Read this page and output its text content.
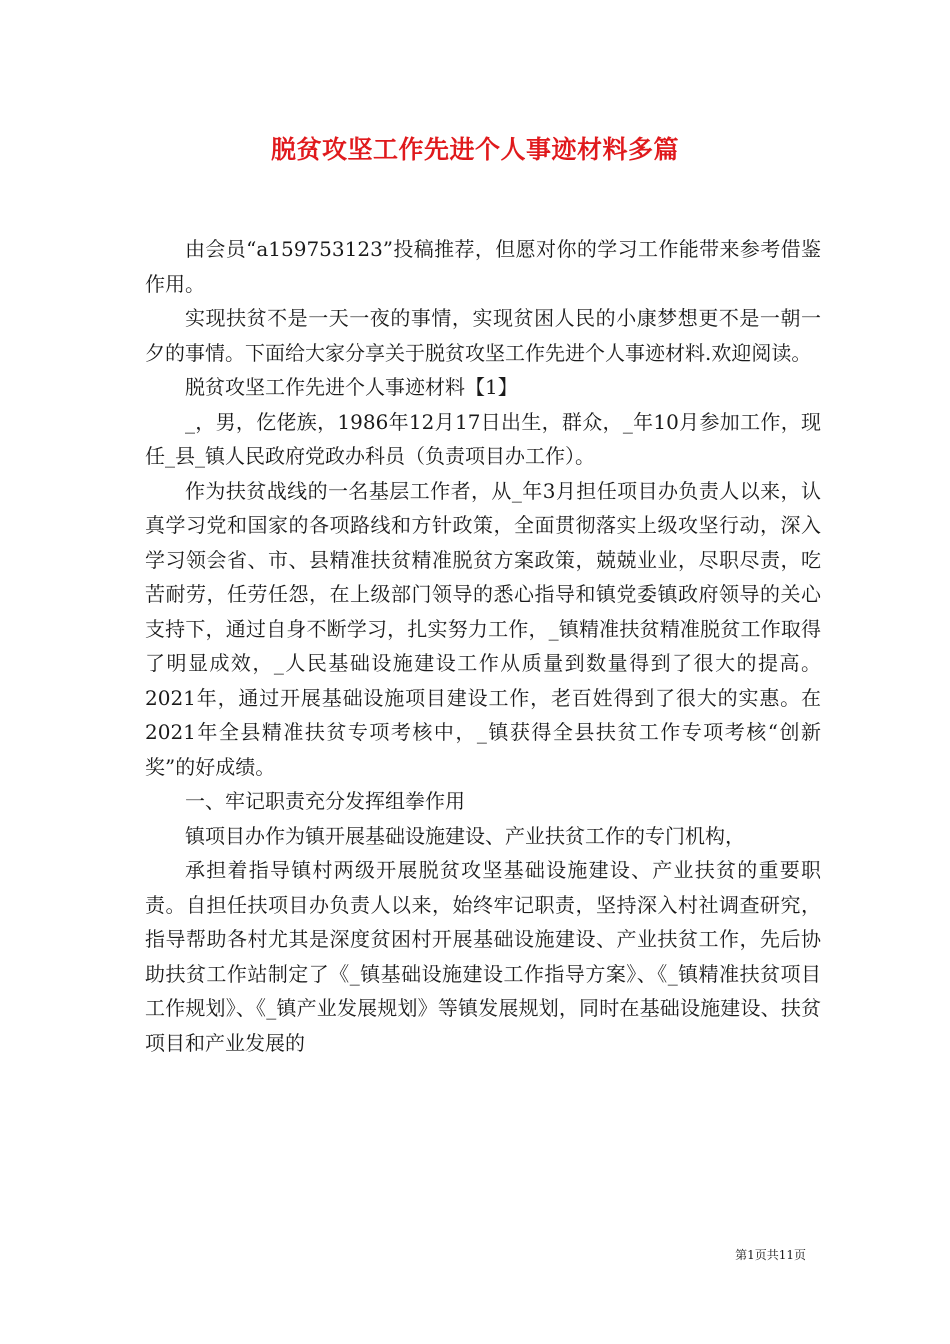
脱贫攻坚工作先进个人事迹材料多篇

由会员“a159753123”投稿推荐，但愿对你的学习工作能带来参考借鉴作用。

实现扶贫不是一天一夜的事情，实现贫困人民的小康梦想更不是一朝一夕的事情。下面给大家分享关于脱贫攻坚工作先进个人事迹材料.欢迎阅读。

脱贫攻坚工作先进个人事迹材料【1】

_，男，仡佬族，1986年12月17日出生，群众，_年10月参加工作，现任_县_镇人民政府党政办科员（负责项目办工作）。

作为扶贫战线的一名基层工作者，从_年3月担任项目办负责人以来，认真学习党和国家的各项路线和方针政策，全面贯彻落实上级攻坚行动，深入学习领会省、市、县精准扶贫精准脱贫方案政策，兢兢业业，尽职尽责，吃苦耐劳，任劳任怨，在上级部门领导的悉心指导和镇党委镇政府领导的关心支持下，通过自身不断学习，扎实努力工作，_镇精准扶贫精准脱贫工作取得了明显成效，_人民基础设施建设工作从质量到数量得到了很大的提高。2021年，通过开展基础设施项目建设工作，老百姓得到了很大的实惠。在2021年全县精准扶贫专项考核中，_镇获得全县扶贫工作专项考核“创新奖”的好成绩。

一、牢记职责充分发挥组拳作用

镇项目办作为镇开展基础设施建设、产业扶贫工作的专门机构，

承担着指导镇村两级开展脱贫攻坚基础设施建设、产业扶贫的重要职责。自担任扶项目办负责人以来，始终牢记职责，坚持深入村社调查研究，指导帮助各村尤其是深度贫困村开展基础设施建设、产业扶贫工作，先后协助扶贫工作站制定了《_镇基础设施建设工作指导方案》、《_镇精准扶贫项目工作规划》、《_镇产业发展规划》等镇发展规划，同时在基础设施建设、扶贫项目和产业发展的

第1页共11页
